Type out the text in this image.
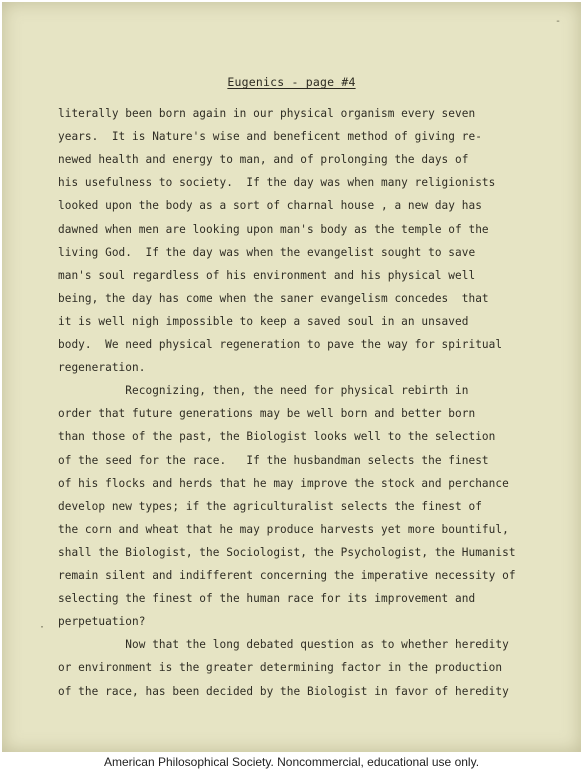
Eugenics - page #4
literally been born again in our physical organism every seven
years.  It is Nature's wise and beneficent method of giving re-
newed health and energy to man, and of prolonging the days of
his usefulness to society.  If the day was when many religionists
looked upon the body as a sort of charnal house , a new day has
dawned when men are looking upon man's body as the temple of the
living God.  If the day was when the evangelist sought to save
man's soul regardless of his environment and his physical well
being, the day has come when the saner evangelism concedes  that
it is well nigh impossible to keep a saved soul in an unsaved
body.  We need physical regeneration to pave the way for spiritual
regeneration.
Recognizing, then, the need for physical rebirth in
order that future generations may be well born and better born
than those of the past, the Biologist looks well to the selection
of the seed for the race.   If the husbandman selects the finest
of his flocks and herds that he may improve the stock and perchance
develop new types; if the agriculturalist selects the finest of
the corn and wheat that he may produce harvests yet more bountiful,
shall the Biologist, the Sociologist, the Psychologist, the Humanist
remain silent and indifferent concerning the imperative necessity of
selecting the finest of the human race for its improvement and
perpetuation?
Now that the long debated question as to whether heredity
or environment is the greater determining factor in the production
of the race, has been decided by the Biologist in favor of heredity
-
·
American Philosophical Society. Noncommercial, educational use only.
